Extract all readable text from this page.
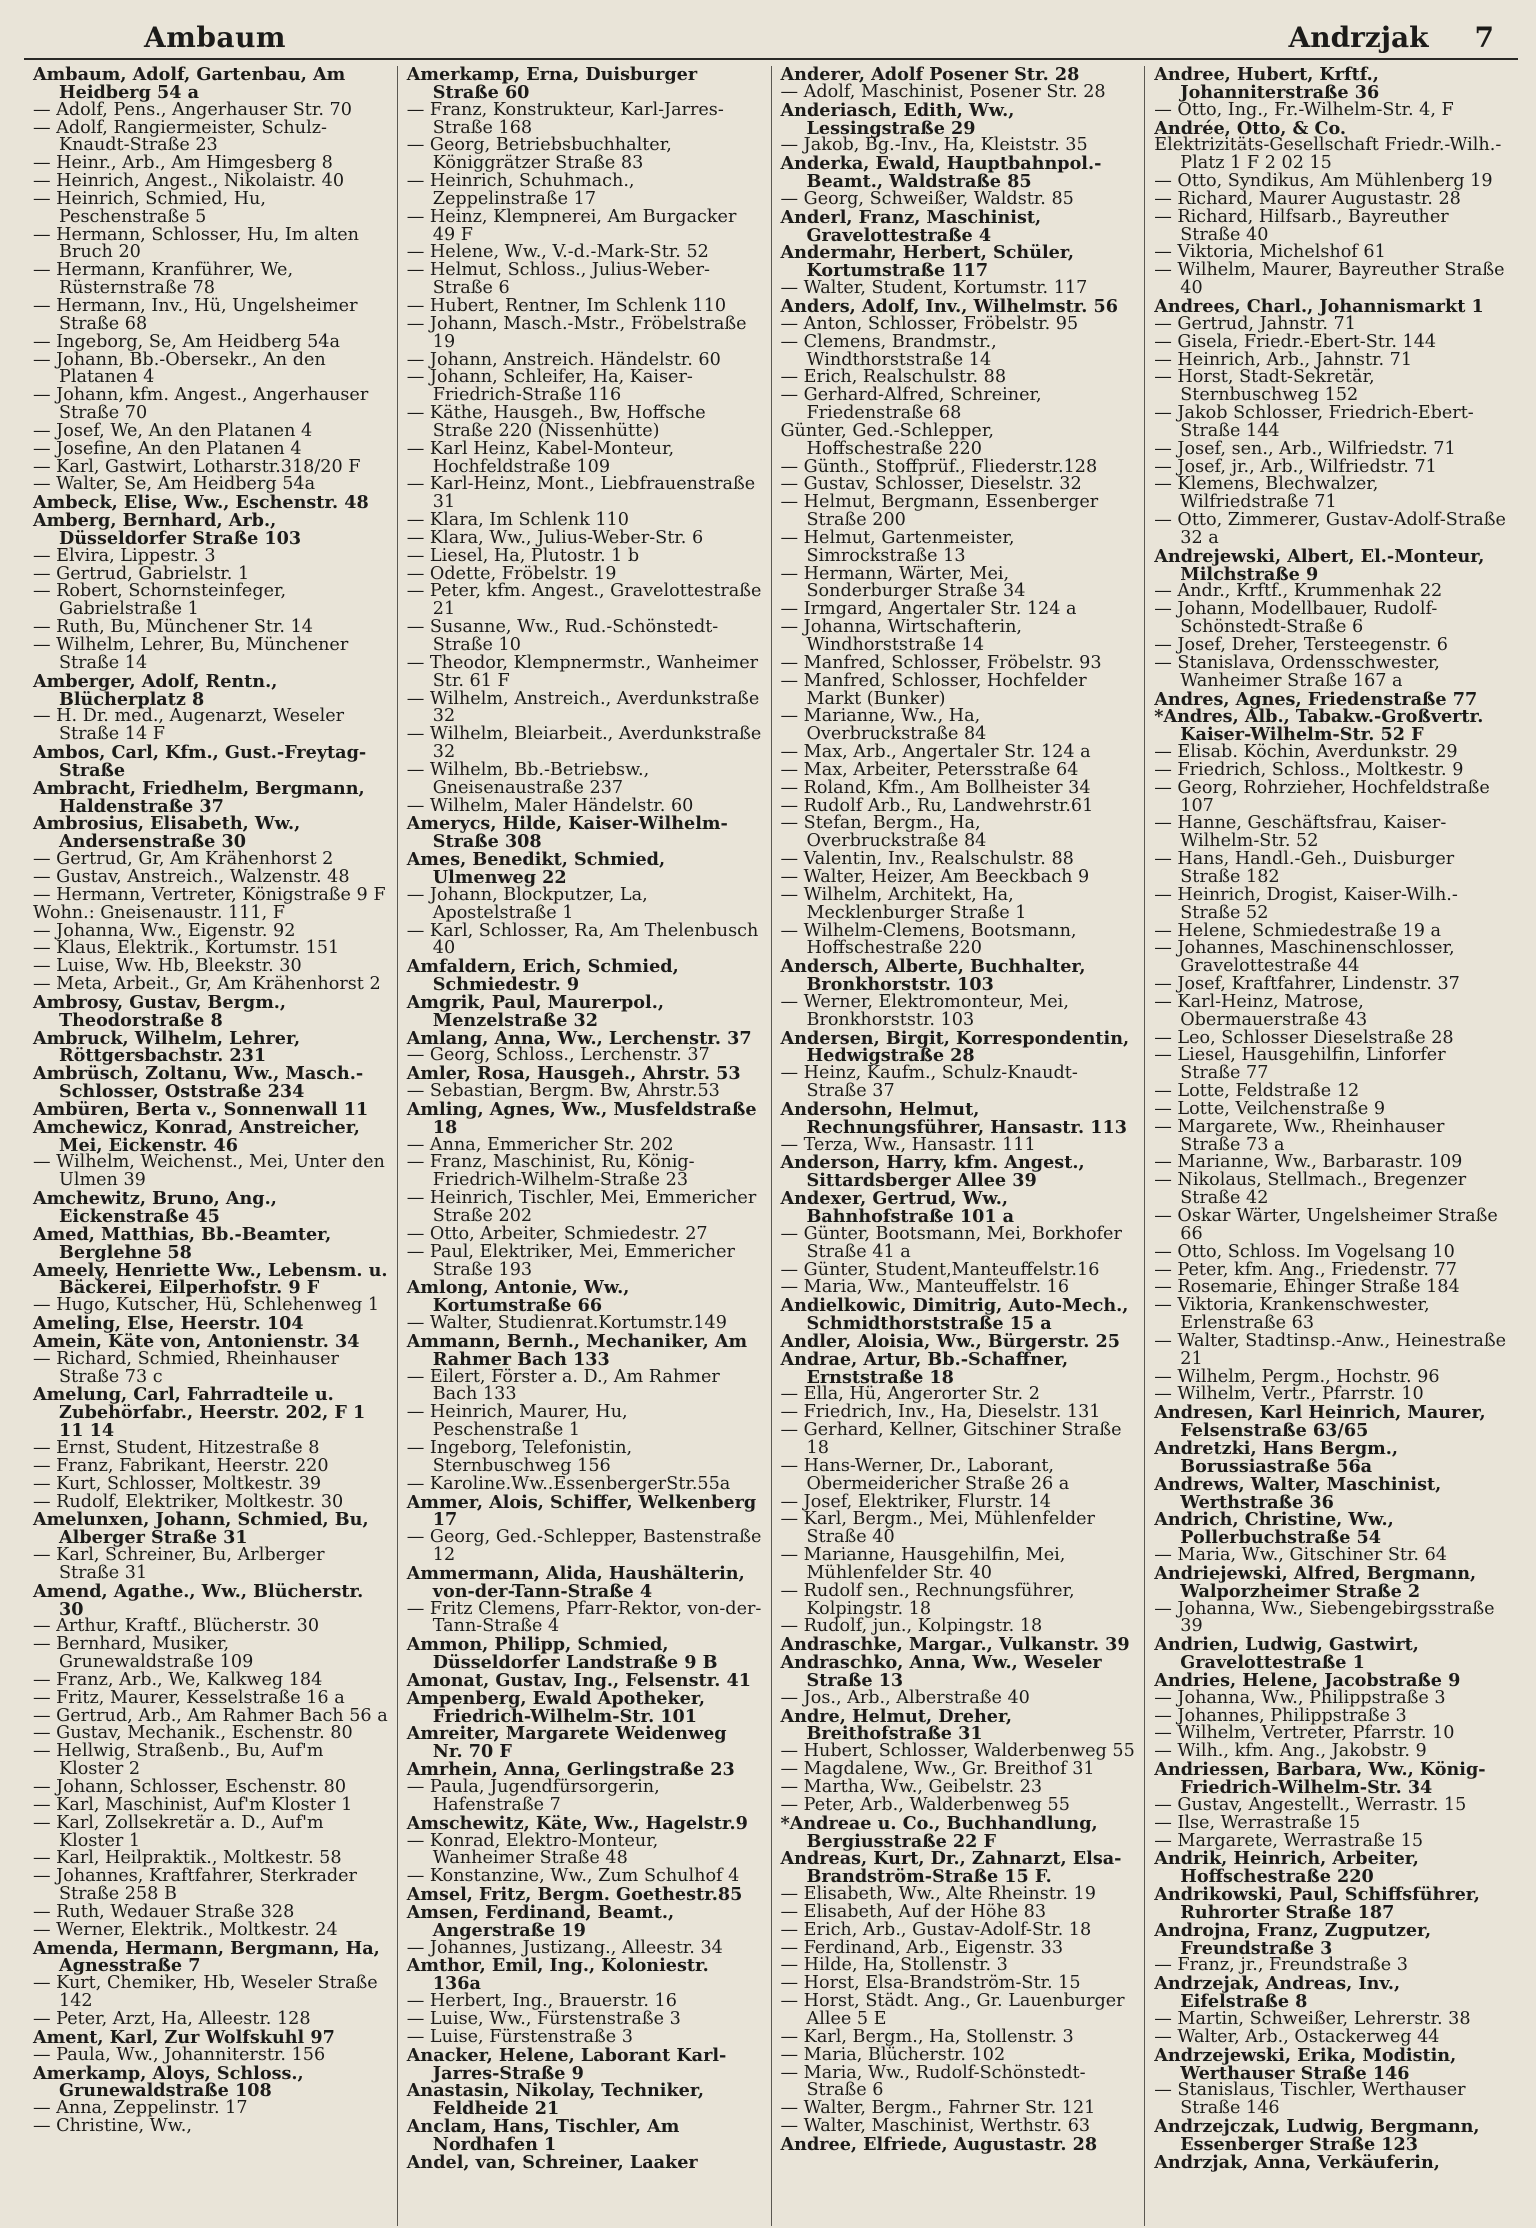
Ambaum	Andrzjak 7

Ambaum, Adolf, Gartenbau, Am Heidberg 54 a

— Adolf, Pens., Angerhauser Str. 70

— Adolf, Rangiermeister, Schulz-Knaudt-Straße 23

— Heinr., Arb., Am Himgesberg 8

— Heinrich, Angest., Nikolaistr. 40

— Heinrich, Schmied, Hu, Peschenstraße 5

— Hermann, Schlosser, Hu, Im alten Bruch 20

— Hermann, Kranführer, We, Rüsternstraße 78

— Hermann, Inv., Hü, Ungelsheimer Straße 68

— Ingeborg, Se, Am Heidberg 54a

— Johann, Bb.-Obersekr., An den Platanen 4

— Johann, kfm. Angest., Angerhauser Straße 70

— Josef, We, An den Platanen 4

— Josefine, An den Platanen 4

— Karl, Gastwirt, Lotharstr.318/20 F

— Walter, Se, Am Heidberg 54a

Ambeck, Elise, Ww., Eschenstr. 48

Amberg, Bernhard, Arb., Düsseldorfer Straße 103

— Elvira, Lippestr. 3

— Gertrud, Gabrielstr. 1

— Robert, Schornsteinfeger, Gabrielstraße 1

— Ruth, Bu, Münchener Str. 14

— Wilhelm, Lehrer, Bu, Münchener Straße 14

Amberger, Adolf, Rentn., Blücherplatz 8

— H. Dr. med., Augenarzt, Weseler Straße 14 F

Ambos, Carl, Kfm., Gust.-Freytag-Straße

Ambracht, Friedhelm, Bergmann, Haldenstraße 37

Ambrosius, Elisabeth, Ww., Andersenstraße 30

— Gertrud, Gr, Am Krähenhorst 2

— Gustav, Anstreich., Walzenstr. 48

— Hermann, Vertreter, Königstraße 9 F

Wohn.: Gneisenaustr. 111, F

— Johanna, Ww., Eigenstr. 92

— Klaus, Elektrik., Kortumstr. 151

— Luise, Ww. Hb, Bleekstr. 30

— Meta, Arbeit., Gr, Am Krähenhorst 2

Ambrosy, Gustav, Bergm., Theodorstraße 8

Ambruck, Wilhelm, Lehrer, Röttgersbachstr. 231

Ambrüsch, Zoltanu, Ww., Masch.-Schlosser, Oststraße 234

Ambüren, Berta v., Sonnenwall 11

Amchewicz, Konrad, Anstreicher, Mei, Eickenstr. 46

— Wilhelm, Weichenst., Mei, Unter den Ulmen 39

Amchewitz, Bruno, Ang., Eickenstraße 45

Amed, Matthias, Bb.-Beamter, Berglehne 58

Ameely, Henriette Ww., Lebensm. u. Bäckerei, Eilperhofstr. 9 F

— Hugo, Kutscher, Hü, Schlehenweg 1

Ameling, Else, Heerstr. 104

Amein, Käte von, Antonienstr. 34

— Richard, Schmied, Rheinhauser Straße 73 c

Amelung, Carl, Fahrradteile u. Zubehörfabr., Heerstr. 202, F 1 11 14

— Ernst, Student, Hitzestraße 8

— Franz, Fabrikant, Heerstr. 220

— Kurt, Schlosser, Moltkestr. 39

— Rudolf, Elektriker, Moltkestr. 30

Amelunxen, Johann, Schmied, Bu, Alberger Straße 31

— Karl, Schreiner, Bu, Arlberger Straße 31

Amend, Agathe., Ww., Blücherstr. 30

— Arthur, Kraftf., Blücherstr. 30

— Bernhard, Musiker, Grunewaldstraße 109

— Franz, Arb., We, Kalkweg 184

— Fritz, Maurer, Kesselstraße 16 a

— Gertrud, Arb., Am Rahmer Bach 56 a

— Gustav, Mechanik., Eschenstr. 80

— Hellwig, Straßenb., Bu, Auf'm Kloster 2

— Johann, Schlosser, Eschenstr. 80

— Karl, Maschinist, Auf'm Kloster 1

— Karl, Zollsekretär a. D., Auf'm Kloster 1

— Karl, Heilpraktik., Moltkestr. 58

— Johannes, Kraftfahrer, Sterkrader Straße 258 B

— Ruth, Wedauer Straße 328

— Werner, Elektrik., Moltkestr. 24

Amenda, Hermann, Bergmann, Ha, Agnesstraße 7

— Kurt, Chemiker, Hb, Weseler Straße 142

— Peter, Arzt, Ha, Alleestr. 128

Ament, Karl, Zur Wolfskuhl 97

— Paula, Ww., Johanniterstr. 156

Amerkamp, Aloys, Schloss., Grunewaldstraße 108

— Anna, Zeppelinstr. 17

— Christine, Ww.,

Amerkamp, Erna, Duisburger Straße 60

— Franz, Konstrukteur, Karl-Jarres-Straße 168

— Georg, Betriebsbuchhalter, Königgrätzer Straße 83

— Heinrich, Schuhmach., Zeppelinstraße 17

— Heinz, Klempnerei, Am Burgacker 49 F

— Helene, Ww., V.-d.-Mark-Str. 52

— Helmut, Schloss., Julius-Weber-Straße 6

— Hubert, Rentner, Im Schlenk 110

— Johann, Masch.-Mstr., Fröbelstraße 19

— Johann, Anstreich. Händelstr. 60

— Johann, Schleifer, Ha, Kaiser-Friedrich-Straße 116

— Käthe, Hausgeh., Bw, Hoffsche Straße 220 (Nissenhütte)

— Karl Heinz, Kabel-Monteur, Hochfeldstraße 109

— Karl-Heinz, Mont., Liebfrauenstraße 31

— Klara, Im Schlenk 110

— Klara, Ww., Julius-Weber-Str. 6

— Liesel, Ha, Plutostr. 1 b

— Odette, Fröbelstr. 19

— Peter, kfm. Angest., Gravelottestraße 21

— Susanne, Ww., Rud.-Schönstedt-Straße 10

— Theodor, Klempnermstr., Wanheimer Str. 61 F

— Wilhelm, Anstreich., Averdunkstraße 32

— Wilhelm, Bleiarbeit., Averdunkstraße 32

— Wilhelm, Bb.-Betriebsw., Gneisenaustraße 237

— Wilhelm, Maler Händelstr. 60

Amerycs, Hilde, Kaiser-Wilhelm-Straße 308

Ames, Benedikt, Schmied, Ulmenweg 22

— Johann, Blockputzer, La, Apostelstraße 1

— Karl, Schlosser, Ra, Am Thelenbusch 40

Amfaldern, Erich, Schmied, Schmiedestr. 9

Amgrik, Paul, Maurerpol., Menzelstraße 32

Amlang, Anna, Ww., Lerchenstr. 37

— Georg, Schloss., Lerchenstr. 37

Amler, Rosa, Hausgeh., Ahrstr. 53

— Sebastian, Bergm. Bw, Ahrstr.53

Amling, Agnes, Ww., Musfeldstraße 18

— Anna, Emmericher Str. 202

— Franz, Maschinist, Ru, König-Friedrich-Wilhelm-Straße 23

— Heinrich, Tischler, Mei, Emmericher Straße 202

— Otto, Arbeiter, Schmiedestr. 27

— Paul, Elektriker, Mei, Emmericher Straße 193

Amlong, Antonie, Ww., Kortumstraße 66

— Walter, Studienrat.Kortumstr.149

Ammann, Bernh., Mechaniker, Am Rahmer Bach 133

— Eilert, Förster a. D., Am Rahmer Bach 133

— Heinrich, Maurer, Hu, Peschenstraße 1

— Ingeborg, Telefonistin, Sternbuschweg 156

— Karoline.Ww..EssenbergerStr.55a

Ammer, Alois, Schiffer, Welkenberg 17

— Georg, Ged.-Schlepper, Bastenstraße 12

Ammermann, Alida, Haushälterin, von-der-Tann-Straße 4

— Fritz Clemens, Pfarr-Rektor, von-der-Tann-Straße 4

Ammon, Philipp, Schmied, Düsseldorfer Landstraße 9 B

Amonat, Gustav, Ing., Felsenstr. 41

Ampenberg, Ewald Apotheker, Friedrich-Wilhelm-Str. 101

Amreiter, Margarete Weidenweg Nr. 70 F

Amrhein, Anna, Gerlingstraße 23

— Paula, Jugendfürsorgerin, Hafenstraße 7

Amschewitz, Käte, Ww., Hagelstr.9

— Konrad, Elektro-Monteur, Wanheimer Straße 48

— Konstanzine, Ww., Zum Schulhof 4

Amsel, Fritz, Bergm. Goethestr.85

Amsen, Ferdinand, Beamt., Angerstraße 19

— Johannes, Justizang., Alleestr. 34

Amthor, Emil, Ing., Koloniestr. 136a

— Herbert, Ing., Brauerstr. 16

— Luise, Ww., Fürstenstraße 3

— Luise, Fürstenstraße 3

Anacker, Helene, Laborant Karl-Jarres-Straße 9

Anastasin, Nikolay, Techniker, Feldheide 21

Anclam, Hans, Tischler, Am Nordhafen 1

Andel, van, Schreiner, Laaker

Anderer, Adolf Posener Str. 28

— Adolf, Maschinist, Posener Str. 28

Anderiasch, Edith, Ww., Lessingstraße 29

— Jakob, Bg.-Inv., Ha, Kleiststr. 35

Anderka, Ewald, Hauptbahnpol.-Beamt., Waldstraße 85

— Georg, Schweißer, Waldstr. 85

Anderl, Franz, Maschinist, Gravelottestraße 4

Andermahr, Herbert, Schüler, Kortumstraße 117

— Walter, Student, Kortumstr. 117

Anders, Adolf, Inv., Wilhelmstr. 56

— Anton, Schlosser, Fröbelstr. 95

— Clemens, Brandmstr., Windthorststraße 14

— Erich, Realschulstr. 88

— Gerhard-Alfred, Schreiner, Friedenstraße 68

Günter, Ged.-Schlepper, Hoffschestraße 220

— Günth., Stoffprüf., Fliederstr.128

— Gustav, Schlosser, Dieselstr. 32

— Helmut, Bergmann, Essenberger Straße 200

— Helmut, Gartenmeister, Simrockstraße 13

— Hermann, Wärter, Mei, Sonderburger Straße 34

— Irmgard, Angertaler Str. 124 a

— Johanna, Wirtschafterin, Windhorststraße 14

— Manfred, Schlosser, Fröbelstr. 93

— Manfred, Schlosser, Hochfelder Markt (Bunker)

— Marianne, Ww., Ha, Overbruckstraße 84

— Max, Arb., Angertaler Str. 124 a

— Max, Arbeiter, Petersstraße 64

— Roland, Kfm., Am Bollheister 34

— Rudolf Arb., Ru, Landwehrstr.61

— Stefan, Bergm., Ha, Overbruckstraße 84

— Valentin, Inv., Realschulstr. 88

— Walter, Heizer, Am Beeckbach 9

— Wilhelm, Architekt, Ha, Mecklenburger Straße 1

— Wilhelm-Clemens, Bootsmann, Hoffschestraße 220

Andersch, Alberte, Buchhalter, Bronkhorststr. 103

— Werner, Elektromonteur, Mei, Bronkhorststr. 103

Andersen, Birgit, Korrespondentin, Hedwigstraße 28

— Heinz, Kaufm., Schulz-Knaudt-Straße 37

Andersohn, Helmut, Rechnungsführer, Hansastr. 113

— Terza, Ww., Hansastr. 111

Anderson, Harry, kfm. Angest., Sittardsberger Allee 39

Andexer, Gertrud, Ww., Bahnhofstraße 101 a

— Günter, Bootsmann, Mei, Borkhofer Straße 41 a

— Günter, Student,Manteuffelstr.16

— Maria, Ww., Manteuffelstr. 16

Andielkowic, Dimitrig, Auto-Mech., Schmidthorststraße 15 a

Andler, Aloisia, Ww., Bürgerstr. 25

Andrae, Artur, Bb.-Schaffner, Ernststraße 18

— Ella, Hü, Angerorter Str. 2

— Friedrich, Inv., Ha, Dieselstr. 131

— Gerhard, Kellner, Gitschiner Straße 18

— Hans-Werner, Dr., Laborant, Obermeidericher Straße 26 a

— Josef, Elektriker, Flurstr. 14

— Karl, Bergm., Mei, Mühlenfelder Straße 40

— Marianne, Hausgehilfin, Mei, Mühlenfelder Str. 40

— Rudolf sen., Rechnungsführer, Kolpingstr. 18

— Rudolf, jun., Kolpingstr. 18

Andraschke, Margar., Vulkanstr. 39

Andraschko, Anna, Ww., Weseler Straße 13

— Jos., Arb., Alberstraße 40

Andre, Helmut, Dreher, Breithofstraße 31

— Hubert, Schlosser, Walderbenweg 55

— Magdalene, Ww., Gr. Breithof 31

— Martha, Ww., Geibelstr. 23

— Peter, Arb., Walderbenweg 55

*Andreae u. Co., Buchhandlung, Bergiusstraße 22 F

Andreas, Kurt, Dr., Zahnarzt, Elsa-Brandström-Straße 15 F.

— Elisabeth, Ww., Alte Rheinstr. 19

— Elisabeth, Auf der Höhe 83

— Erich, Arb., Gustav-Adolf-Str. 18

— Ferdinand, Arb., Eigenstr. 33

— Hilde, Ha, Stollenstr. 3

— Horst, Elsa-Brandström-Str. 15

— Horst, Städt. Ang., Gr. Lauenburger Allee 5 E

— Karl, Bergm., Ha, Stollenstr. 3

— Maria, Blücherstr. 102

— Maria, Ww., Rudolf-Schönstedt-Straße 6

— Walter, Bergm., Fahrner Str. 121

— Walter, Maschinist, Werthstr. 63

Andree, Elfriede, Augustastr. 28

Andree, Hubert, Krftf., Johanniterstraße 36

— Otto, Ing., Fr.-Wilhelm-Str. 4, F

Andrée, Otto, & Co.

Elektrizitäts-Gesellschaft Friedr.-Wilh.-Platz 1 F 2 02 15

— Otto, Syndikus, Am Mühlenberg 19

— Richard, Maurer Augustastr. 28

— Richard, Hilfsarb., Bayreuther Straße 40

— Viktoria, Michelshof 61

— Wilhelm, Maurer, Bayreuther Straße 40

Andrees, Charl., Johannismarkt 1

— Gertrud, Jahnstr. 71

— Gisela, Friedr.-Ebert-Str. 144

— Heinrich, Arb., Jahnstr. 71

— Horst, Stadt-Sekretär, Sternbuschweg 152

— Jakob Schlosser, Friedrich-Ebert-Straße 144

— Josef, sen., Arb., Wilfriedstr. 71

— Josef, jr., Arb., Wilfriedstr. 71

— Klemens, Blechwalzer, Wilfriedstraße 71

— Otto, Zimmerer, Gustav-Adolf-Straße 32 a

Andrejewski, Albert, El.-Monteur, Milchstraße 9

— Andr., Krftf., Krummenhak 22

— Johann, Modellbauer, Rudolf-Schönstedt-Straße 6

— Josef, Dreher, Tersteegenstr. 6

— Stanislava, Ordensschwester, Wanheimer Straße 167 a

Andres, Agnes, Friedenstraße 77

*Andres, Alb., Tabakw.-Großvertr. Kaiser-Wilhelm-Str. 52 F

— Elisab. Köchin, Averdunkstr. 29

— Friedrich, Schloss., Moltkestr. 9

— Georg, Rohrzieher, Hochfeldstraße 107

— Hanne, Geschäftsfrau, Kaiser-Wilhelm-Str. 52

— Hans, Handl.-Geh., Duisburger Straße 182

— Heinrich, Drogist, Kaiser-Wilh.-Straße 52

— Helene, Schmiedestraße 19 a

— Johannes, Maschinenschlosser, Gravelottestraße 44

— Josef, Kraftfahrer, Lindenstr. 37

— Karl-Heinz, Matrose, Obermauerstraße 43

— Leo, Schlosser Dieselstraße 28

— Liesel, Hausgehilfin, Linforfer Straße 77

— Lotte, Feldstraße 12

— Lotte, Veilchenstraße 9

— Margarete, Ww., Rheinhauser Straße 73 a

— Marianne, Ww., Barbarastr. 109

— Nikolaus, Stellmach., Bregenzer Straße 42

— Oskar Wärter, Ungelsheimer Straße 66

— Otto, Schloss. Im Vogelsang 10

— Peter, kfm. Ang., Friedenstr. 77

— Rosemarie, Ehinger Straße 184

— Viktoria, Krankenschwester, Erlenstraße 63

— Walter, Stadtinsp.-Anw., Heinestraße 21

— Wilhelm, Pergm., Hochstr. 96

— Wilhelm, Vertr., Pfarrstr. 10

Andresen, Karl Heinrich, Maurer, Felsenstraße 63/65

Andretzki, Hans Bergm., Borussiastraße 56a

Andrews, Walter, Maschinist, Werthstraße 36

Andrich, Christine, Ww., Pollerbuchstraße 54

— Maria, Ww., Gitschiner Str. 64

Andriejewski, Alfred, Bergmann, Walporzheimer Straße 2

— Johanna, Ww., Siebengebirgsstraße 39

Andrien, Ludwig, Gastwirt, Gravelottestraße 1

Andries, Helene, Jacobstraße 9

— Johanna, Ww., Philippstraße 3

— Johannes, Philippstraße 3

— Wilhelm, Vertreter, Pfarrstr. 10

— Wilh., kfm. Ang., Jakobstr. 9

Andriessen, Barbara, Ww., König-Friedrich-Wilhelm-Str. 34

— Gustav, Angestellt., Werrastr. 15

— Ilse, Werrastraße 15

— Margarete, Werrastraße 15

Andrik, Heinrich, Arbeiter, Hoffschestraße 220

Andrikowski, Paul, Schiffsführer, Ruhrorter Straße 187

Androjna, Franz, Zugputzer, Freundstraße 3

— Franz, jr., Freundstraße 3

Andrzejak, Andreas, Inv., Eifelstraße 8

— Martin, Schweißer, Lehrerstr. 38

— Walter, Arb., Ostackerweg 44

Andrzejewski, Erika, Modistin, Werthauser Straße 146

— Stanislaus, Tischler, Werthauser Straße 146

Andrzejczak, Ludwig, Bergmann, Essenberger Straße 123

Andrzjak, Anna, Verkäuferin,
